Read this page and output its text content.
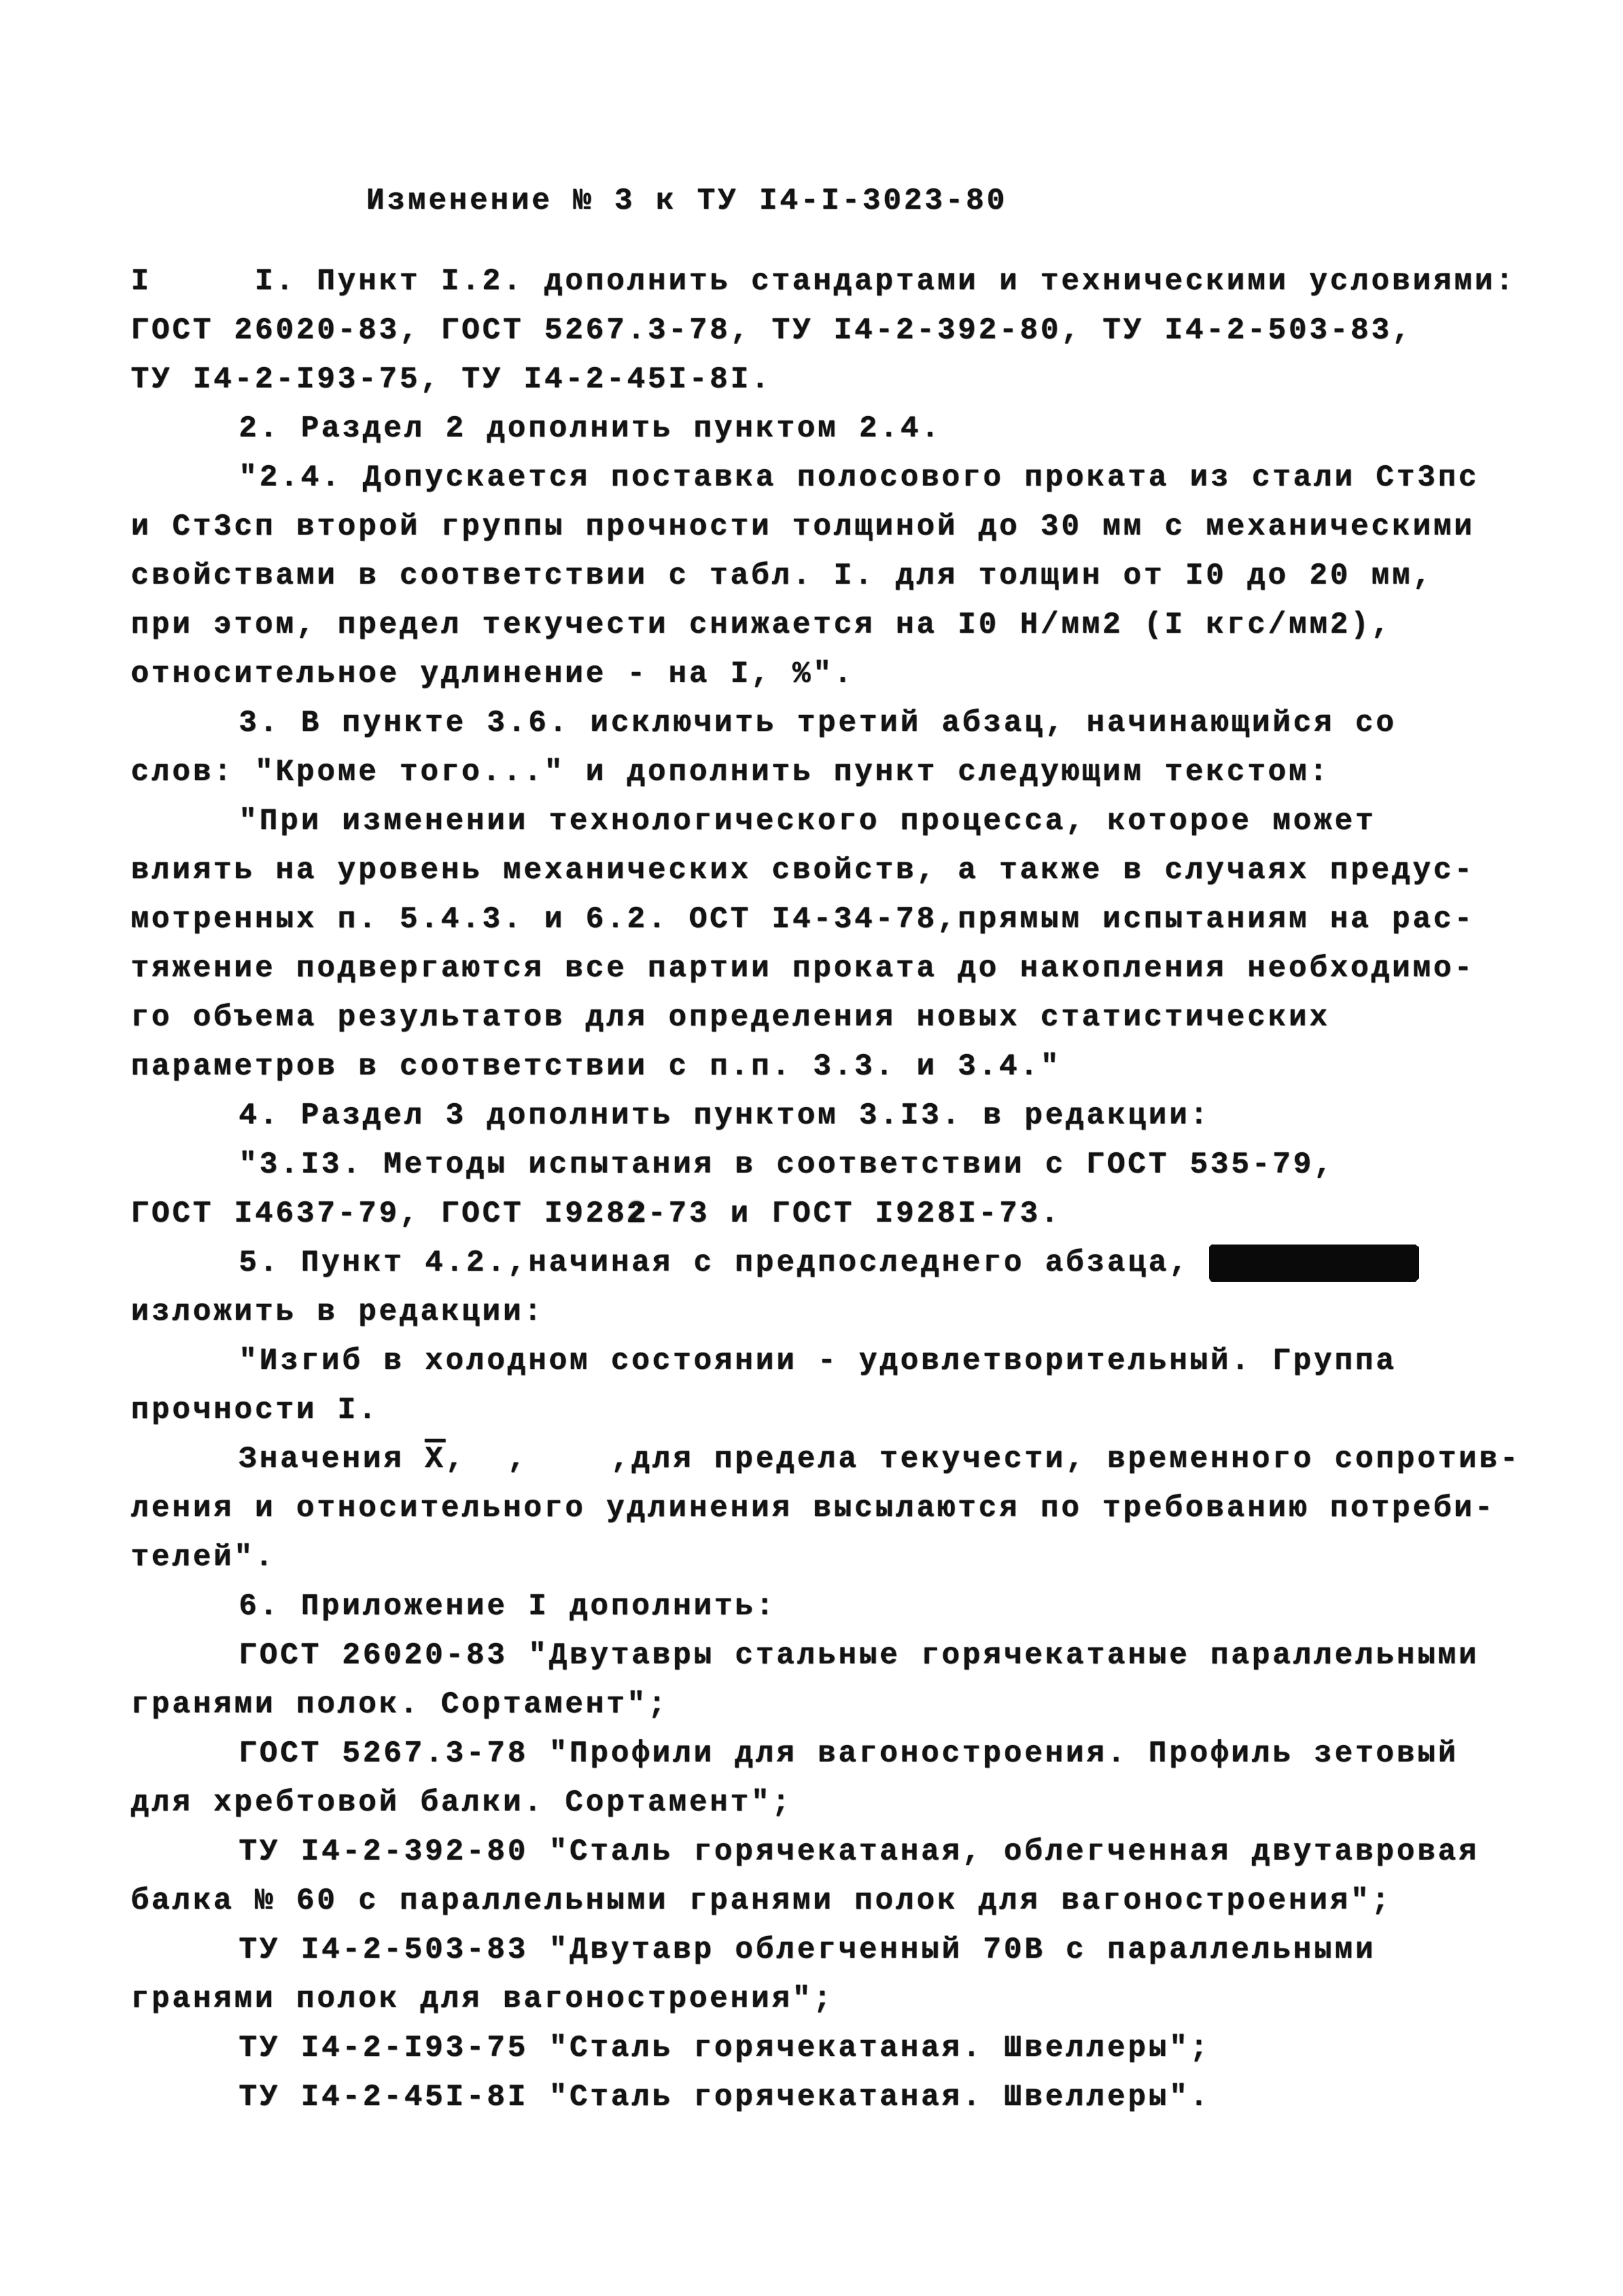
Изменение № 3 к ТУ I4-I-3023-80
I     I. Пункт I.2. дополнить стандартами и техническими условиями:
ГОСТ 26020-83, ГОСТ 5267.3-78, ТУ I4-2-392-80, ТУ I4-2-503-83,
ТУ I4-2-I93-75, ТУ I4-2-45I-8I.
2. Раздел 2 дополнить пунктом 2.4.
"2.4. Допускается поставка полосового проката из стали Ст3пс
и Ст3сп второй группы прочности толщиной до 30 мм с механическими
свойствами в соответствии с табл. I. для толщин от I0 до 20 мм,
при этом, предел текучести снижается на I0 Н/мм2 (I кгс/мм2),
относительное удлинение - на I, %".
3. В пункте 3.6. исключить третий абзац, начинающийся со
слов: "Кроме того..." и дополнить пункт следующим текстом:
"При изменении технологического процесса, которое может
влиять на уровень механических свойств, а также в случаях предус-
мотренных п. 5.4.3. и 6.2. ОСТ I4-34-78,прямым испытаниям на рас-
тяжение подвергаются все партии проката до накопления необходимо-
го объема результатов для определения новых статистических
параметров в соответствии с п.п. 3.3. и 3.4."
4. Раздел 3 дополнить пунктом 3.I3. в редакции:
"3.I3. Методы испытания в соответствии с ГОСТ 535-79,
ГОСТ I4637-79, ГОСТ I9282-73 и ГОСТ I928I-73.
5. Пункт 4.2.,начиная с предпоследнего абзаца, хххххххххх
изложить в редакции:
"Изгиб в холодном состоянии - удовлетворительный. Группа
прочности I.
Значения Х,  ,    ,для предела текучести, временного сопротив-
ления и относительного удлинения высылаются по требованию потреби-
телей".
6. Приложение I дополнить:
ГОСТ 26020-83 "Двутавры стальные горячекатаные параллельными
гранями полок. Сортамент";
ГОСТ 5267.3-78 "Профили для вагоностроения. Профиль зетовый
для хребтовой балки. Сортамент";
ТУ I4-2-392-80 "Сталь горячекатаная, облегченная двутавровая
балка № 60 с параллельными гранями полок для вагоностроения";
ТУ I4-2-503-83 "Двутавр облегченный 70В с параллельными
гранями полок для вагоностроения";
ТУ I4-2-I93-75 "Сталь горячекатаная. Швеллеры";
ТУ I4-2-45I-8I "Сталь горячекатаная. Швеллеры".
